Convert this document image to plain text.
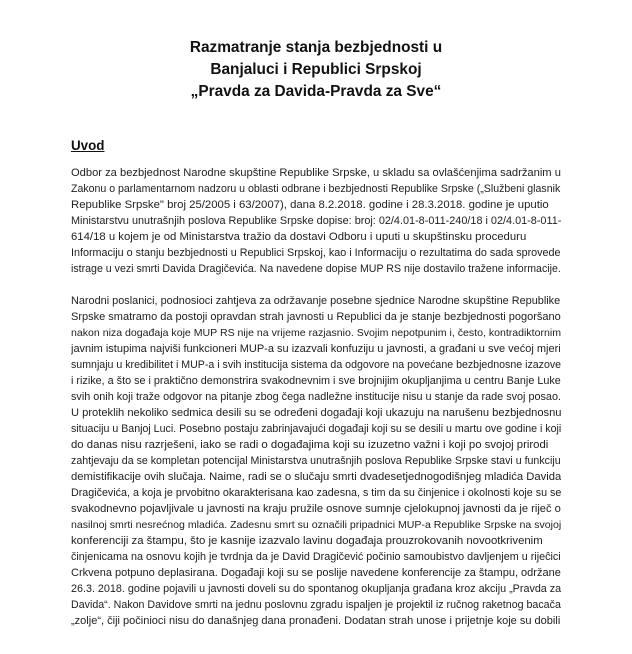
Razmatranje stanja bezbjednosti u
Banjaluci i Republici Srpskoj
„Pravda za Davida-Pravda za Sve“
Uvod
Odbor za bezbjednost Narodne skupštine Republike Srpske, u skladu sa ovlašćenjima sadržanim u
Zakonu o parlamentarnom nadzoru u oblasti odbrane i bezbjednosti Republike Srpske („Službeni glasnik
Republike Srpske" broj 25/2005 i 63/2007), dana 8.2.2018. godine i 28.3.2018. godine je uputio
Ministarstvu unutrašnjih poslova Republike Srpske dopise: broj: 02/4.01-8-011-240/18 i 02/4.01-8-011-
614/18 u kojem je od Ministarstva tražio da dostavi Odboru i uputi u skupštinsku proceduru
Informaciju o stanju bezbjednosti u Republici Srpskoj, kao i Informaciju o rezultatima do sada sprovede
istrage u vezi smrti Davida Dragičevića. Na navedene dopise MUP RS nije dostavilo tražene informacije.
Narodni poslanici, podnosioci zahtjeva za održavanje posebne sjednice Narodne skupštine Republike
Srpske smatramo da postoji opravdan strah javnosti u Republici da je stanje bezbjednosti pogoršano
nakon niza događaja koje MUP RS nije na vrijeme razjasnio. Svojim nepotpunim i, često, kontradiktornim
javnim istupima najviši funkcioneri MUP-a su izazvali konfuziju u javnosti, a građani u sve većoj mjeri
sumnjaju u kredibilitet i MUP-a i svih institucija sistema da odgovore na povećane bezbjednosne izazove
i rizike, a što se i praktično demonstrira svakodnevnim i sve brojnijim okupljanjima u centru Banje Luke
svih onih koji traže odgovor na pitanje zbog čega nadležne institucije nisu u stanje da rade svoj posao.
U proteklih nekoliko sedmica desili su se određeni događaji koji ukazuju na narušenu bezbjednosnu
situaciju u Banjoj Luci. Posebno postaju zabrinjavajući događaji koji su se desili u martu ove godine i koji
do danas nisu razrješeni, iako se radi o događajima koji su izuzetno važni i koji po svojoj prirodi
zahtjevaju da se kompletan potencijal Ministarstva unutrašnjih poslova Republike Srpske stavi u funkciju
demistifikacije ovih slučaja. Naime, radi se o slučaju smrti dvadesetjednogodišnjeg mladića Davida
Dragičevića, a koja je prvobitno okarakterisana kao zadesna, s tim da su činjenice i okolnosti koje su se
svakodnevno pojavljivale u javnosti na kraju pružile osnove sumnje cjelokupnoj javnosti da je riječ o
nasilnoj smrti nesrećnog mladića. Zadesnu smrt su označili pripadnici MUP-a Republike Srpske na svojoj
konferenciji za štampu, što je kasnije izazvalo lavinu događaja prouzrokovanih novootkrivenim
činjenicama na osnovu kojih je tvrdnja da je David Dragičević počinio samoubistvo davljenjem u rijeĉici
Crkvena potpuno deplasirana. Događaji koji su se poslije navedene konferencije za štampu, održane
26.3. 2018. godine pojavili u javnosti doveli su do spontanog okupljanja građana kroz akciju „Pravda za
Davida“. Nakon Davidove smrti na jednu poslovnu zgradu ispaljen je projektil iz ručnog raketnog bacača
„zolje“, čiji počinioci nisu do današnjeg dana pronađeni. Dodatan strah unose i prijetnje koje su dobili
